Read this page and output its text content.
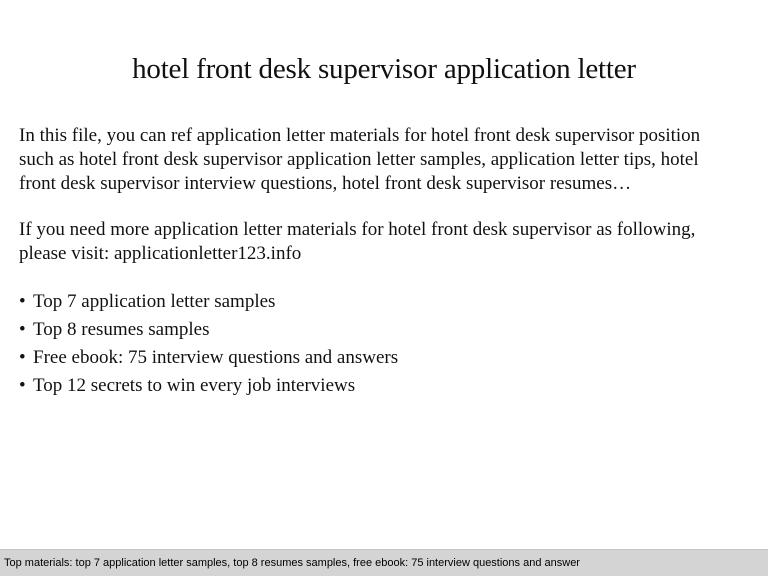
hotel front desk supervisor application letter

In this file, you can ref application letter materials for hotel front desk supervisor position such as hotel front desk supervisor application letter samples, application letter tips, hotel front desk supervisor interview questions, hotel front desk supervisor resumes…

If you need more application letter materials for hotel front desk supervisor as following, please visit: applicationletter123.info

• Top 7 application letter samples
• Top 8 resumes samples
• Free ebook: 75 interview questions and answers
• Top 12 secrets to win every job interviews
Top materials: top 7 application letter samples, top 8 resumes samples, free ebook: 75 interview questions and answer
